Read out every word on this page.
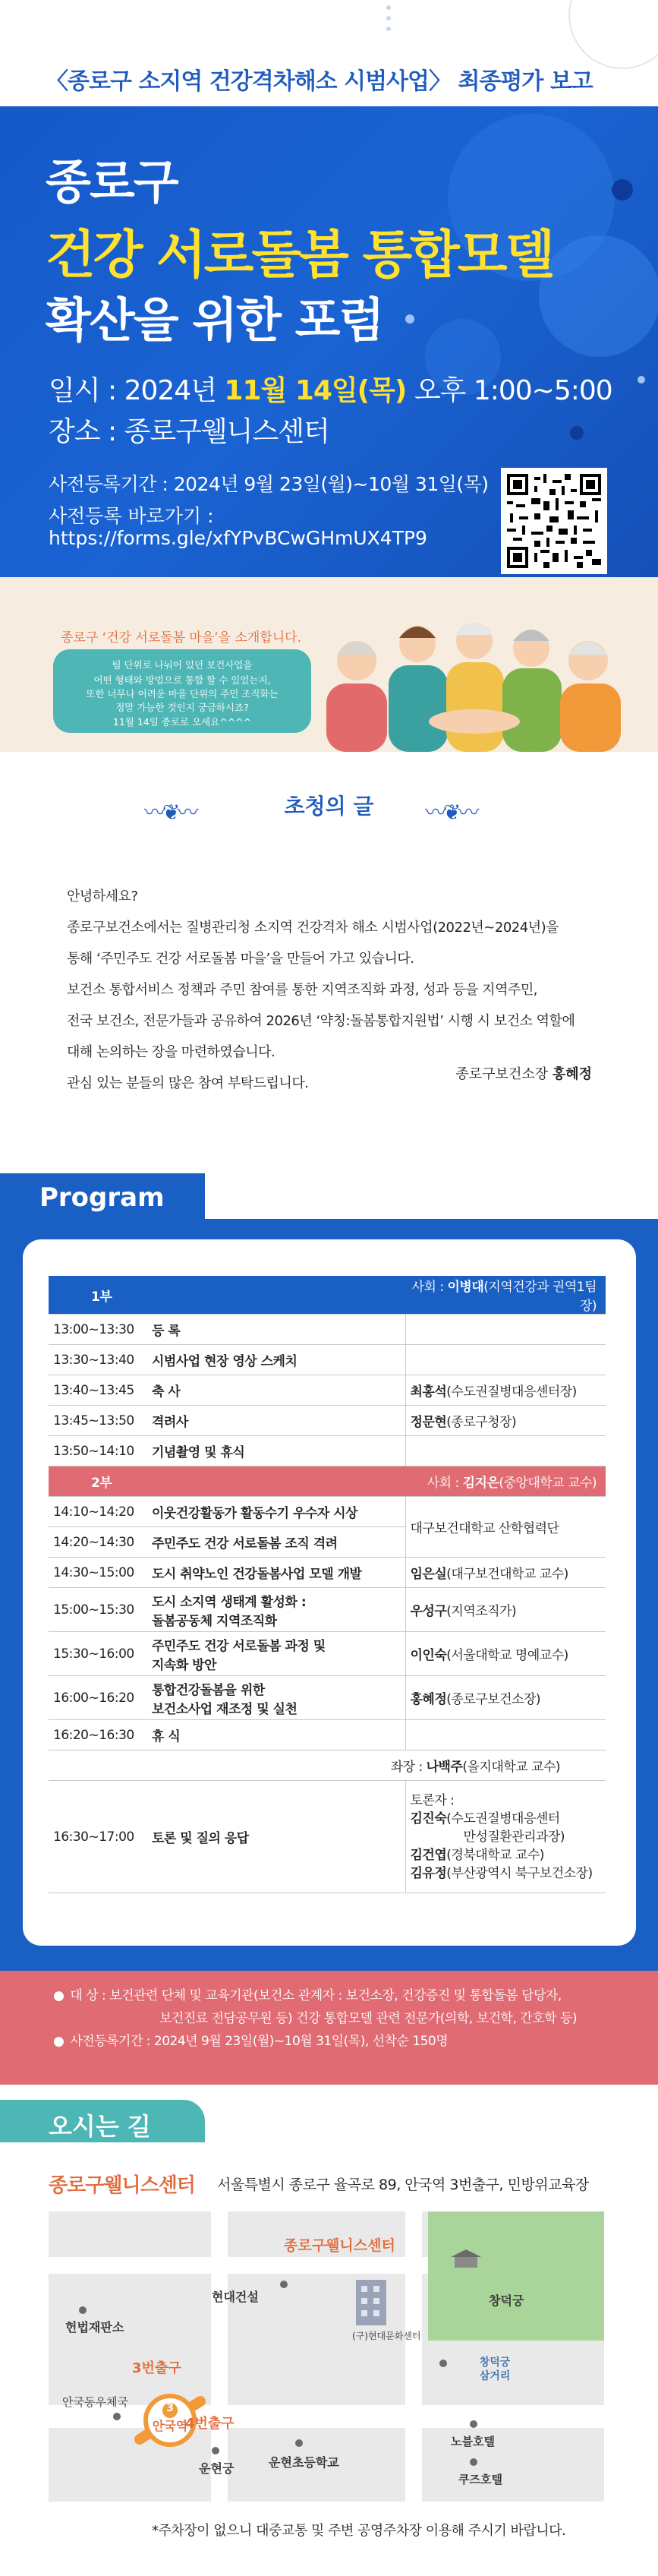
〈종로구 소지역 건강격차해소 시범사업〉 최종평가 보고
종로구
건강 서로돌봄 통합모델
확산을 위한 포럼
일시 : 2024년 11월 14일(목) 오후 1:00~5:00
장소 : 종로구웰니스센터
사전등록기간 : 2024년 9월 23일(월)~10월 31일(목)
사전등록 바로가기 :
https://forms.gle/xfYPvBCwGHmUX4TP9
종로구 ‘건강 서로돌봄 마을’을 소개합니다.
팀 단위로 나눠어 있던 보건사업을
어떤 형태와 방법으로 통합 할 수 있었는지,
또한 너무나 어려운 마을 단위의 주민 조직화는
정말 가능한 것인지 궁금하시죠?
11월 14일 종로로 오세요^^^^
〰❦〰	초청의 글	〰❦〰
안녕하세요?
종로구보건소에서는 질병관리청 소지역 건강격차 해소 시범사업(2022년~2024년)을
통해 ‘주민주도 건강 서로돌봄 마을’을 만들어 가고 있습니다.
보건소 통합서비스 정책과 주민 참여를 통한 지역조직화 과정, 성과 등을 지역주민,
전국 보건소, 전문가들과 공유하여 2026년 ‘약칭:돌봄통합지원법’ 시행 시 보건소 역할에
대해 논의하는 장을 마련하였습니다.
관심 있는 분들의 많은 참여 부탁드립니다.
종로구보건소장 홍혜정
Program
1부		사회 : 이병대(지역건강과 권역1팀장)
13:00~13:30	등 록	
13:30~13:40	시범사업 현장 영상 스케치	
13:40~13:45	축 사	최홍석(수도권질병대응센터장)
13:45~13:50	격려사	정문현(종로구청장)
13:50~14:10	기념촬영 및 휴식	
2부		사회 : 김지은(중앙대학교 교수)
14:10~14:20	이웃건강활동가 활동수기 우수자 시상	대구보건대학교 산학협력단
14:20~14:30	주민주도 건강 서로돌봄 조직 격려	
14:30~15:00	도시 취약노인 건강돌봄사업 모델 개발	임은실(대구보건대학교 교수)
15:00~15:30	도시 소지역 생태계 활성화 :
돌봄공동체 지역조직화	우성구(지역조직가)
15:30~16:00	주민주도 건강 서로돌봄 과정 및
지속화 방안	이인숙(서울대학교 명예교수)
16:00~16:20	통합건강돌봄을 위한
보건소사업 재조정 및 실천	홍혜정(종로구보건소장)
16:20~16:30	휴 식	
좌장 : 나백주(을지대학교 교수)		
16:30~17:00	토론 및 질의 응답	토론자 :
김진숙(수도권질병대응센터
만성질환관리과장)
김건엽(경북대학교 교수)
김유정(부산광역시 북구보건소장)
● 대 상 : 보건관련 단체 및 교육기관(보건소 관계자 : 보건소장, 건강증진 및 통합돌봄 담당자,
보건진료 전담공무원 등) 건강 통합모델 관련 전문가(의학, 보건학, 간호학 등)
● 사전등록기간 : 2024년 9월 23일(월)~10월 31일(목), 선착순 150명
오시는 길
종로구웰니스센터 서울특별시 종로구 율곡로 89, 안국역 3번출구, 민방위교육장
종로구웰니스센터
현대건설
(구)현대문화센터
헌법재판소
창덕궁
창덕궁
삼거리
3번출구
4번출구
3
안국역
안국동우체국
운현궁	운현초등학교
노블호텔
쿠즈호텔
*주차장이 없으니 대중교통 및 주변 공영주차장 이용해 주시기 바랍니다.
